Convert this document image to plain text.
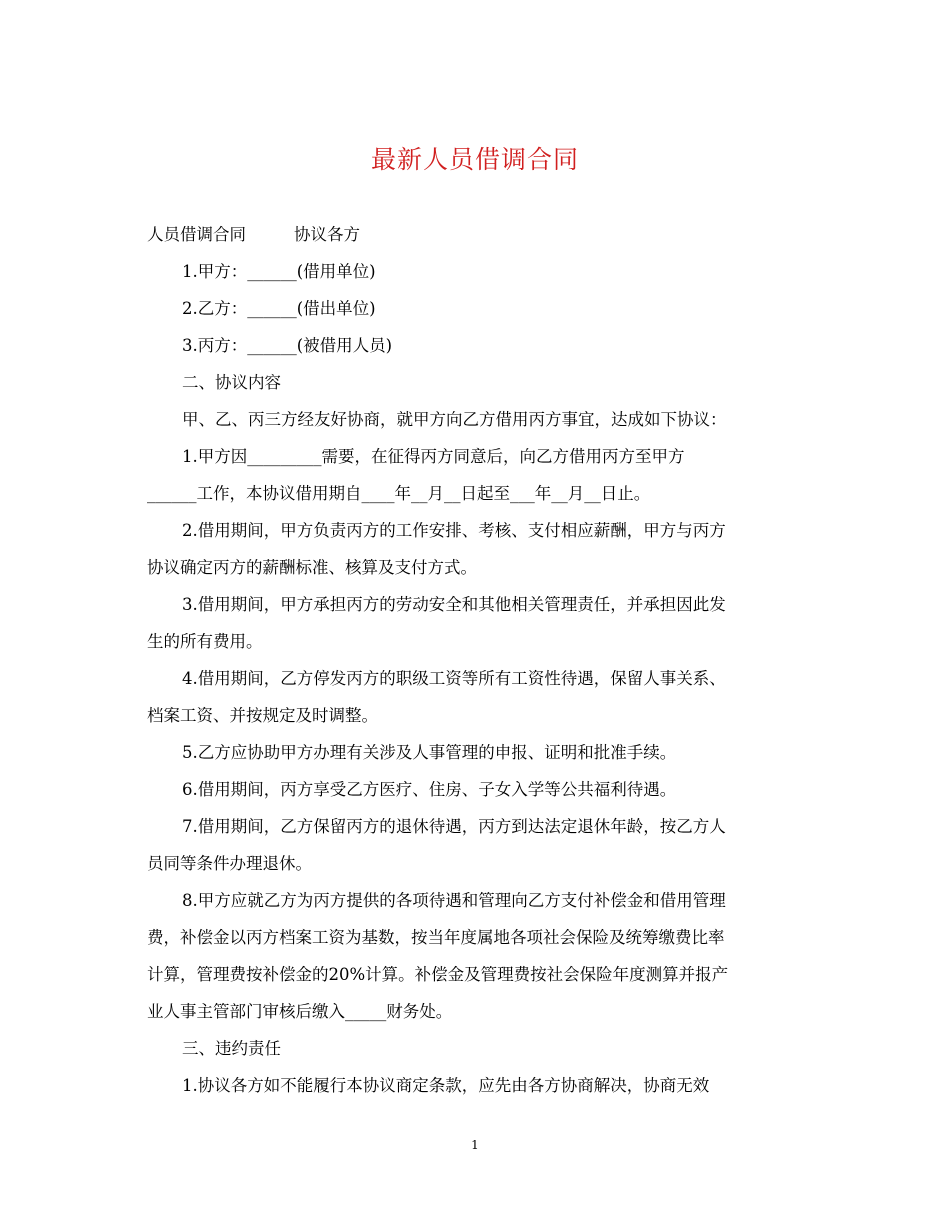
最新人员借调合同
人员借调合同	协议各方
1.甲方：______(借用单位)
2.乙方：______(借出单位)
3.丙方：______(被借用人员)
二、协议内容
甲、乙、丙三方经友好协商，就甲方向乙方借用丙方事宜，达成如下协议：
1.甲方因_________需要，在征得丙方同意后，向乙方借用丙方至甲方
______工作，本协议借用期自____年__月__日起至___年__月__日止。
2.借用期间，甲方负责丙方的工作安排、考核、支付相应薪酬，甲方与丙方
协议确定丙方的薪酬标准、核算及支付方式。
3.借用期间，甲方承担丙方的劳动安全和其他相关管理责任，并承担因此发
生的所有费用。
4.借用期间，乙方停发丙方的职级工资等所有工资性待遇，保留人事关系、
档案工资、并按规定及时调整。
5.乙方应协助甲方办理有关涉及人事管理的申报、证明和批准手续。
6.借用期间，丙方享受乙方医疗、住房、子女入学等公共福利待遇。
7.借用期间，乙方保留丙方的退休待遇，丙方到达法定退休年龄，按乙方人
员同等条件办理退休。
8.甲方应就乙方为丙方提供的各项待遇和管理向乙方支付补偿金和借用管理
费，补偿金以丙方档案工资为基数，按当年度属地各项社会保险及统筹缴费比率
计算，管理费按补偿金的20%计算。补偿金及管理费按社会保险年度测算并报产
业人事主管部门审核后缴入_____财务处。
三、违约责任
1.协议各方如不能履行本协议商定条款，应先由各方协商解决，协商无效
1
